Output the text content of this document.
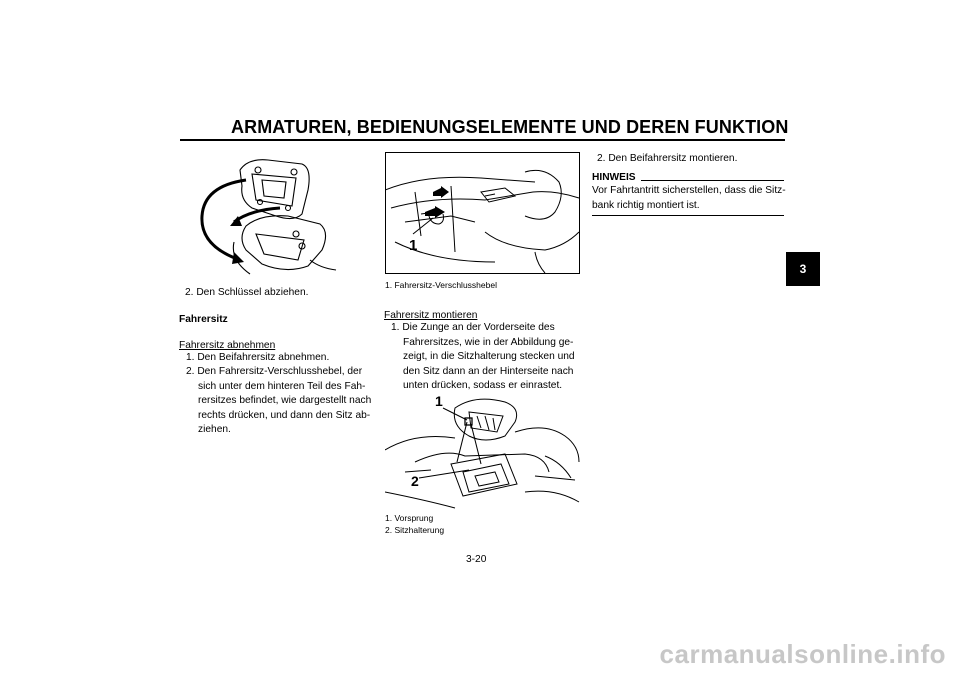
ARMATUREN, BEDIENUNGSELEMENTE UND DEREN FUNKTION
3
2. Den Schlüssel abziehen.
Fahrersitz
Fahrersitz abnehmen
1. Den Beifahrersitz abnehmen.
2. Den Fahrersitz-Verschlusshebel, der
sich unter dem hinteren Teil des Fah-
rersitzes befindet, wie dargestellt nach
rechts drücken, und dann den Sitz ab-
ziehen.
1
1. Fahrersitz-Verschlusshebel
Fahrersitz montieren
1. Die Zunge an der Vorderseite des
Fahrersitzes, wie in der Abbildung ge-
zeigt, in die Sitzhalterung stecken und
den Sitz dann an der Hinterseite nach
unten drücken, sodass er einrastet.
1
2
1. Vorsprung
2. Sitzhalterung
2. Den Beifahrersitz montieren.
HINWEIS
Vor Fahrtantritt sicherstellen, dass die Sitz-
bank richtig montiert ist.
3-20
carmanualsonline.info
